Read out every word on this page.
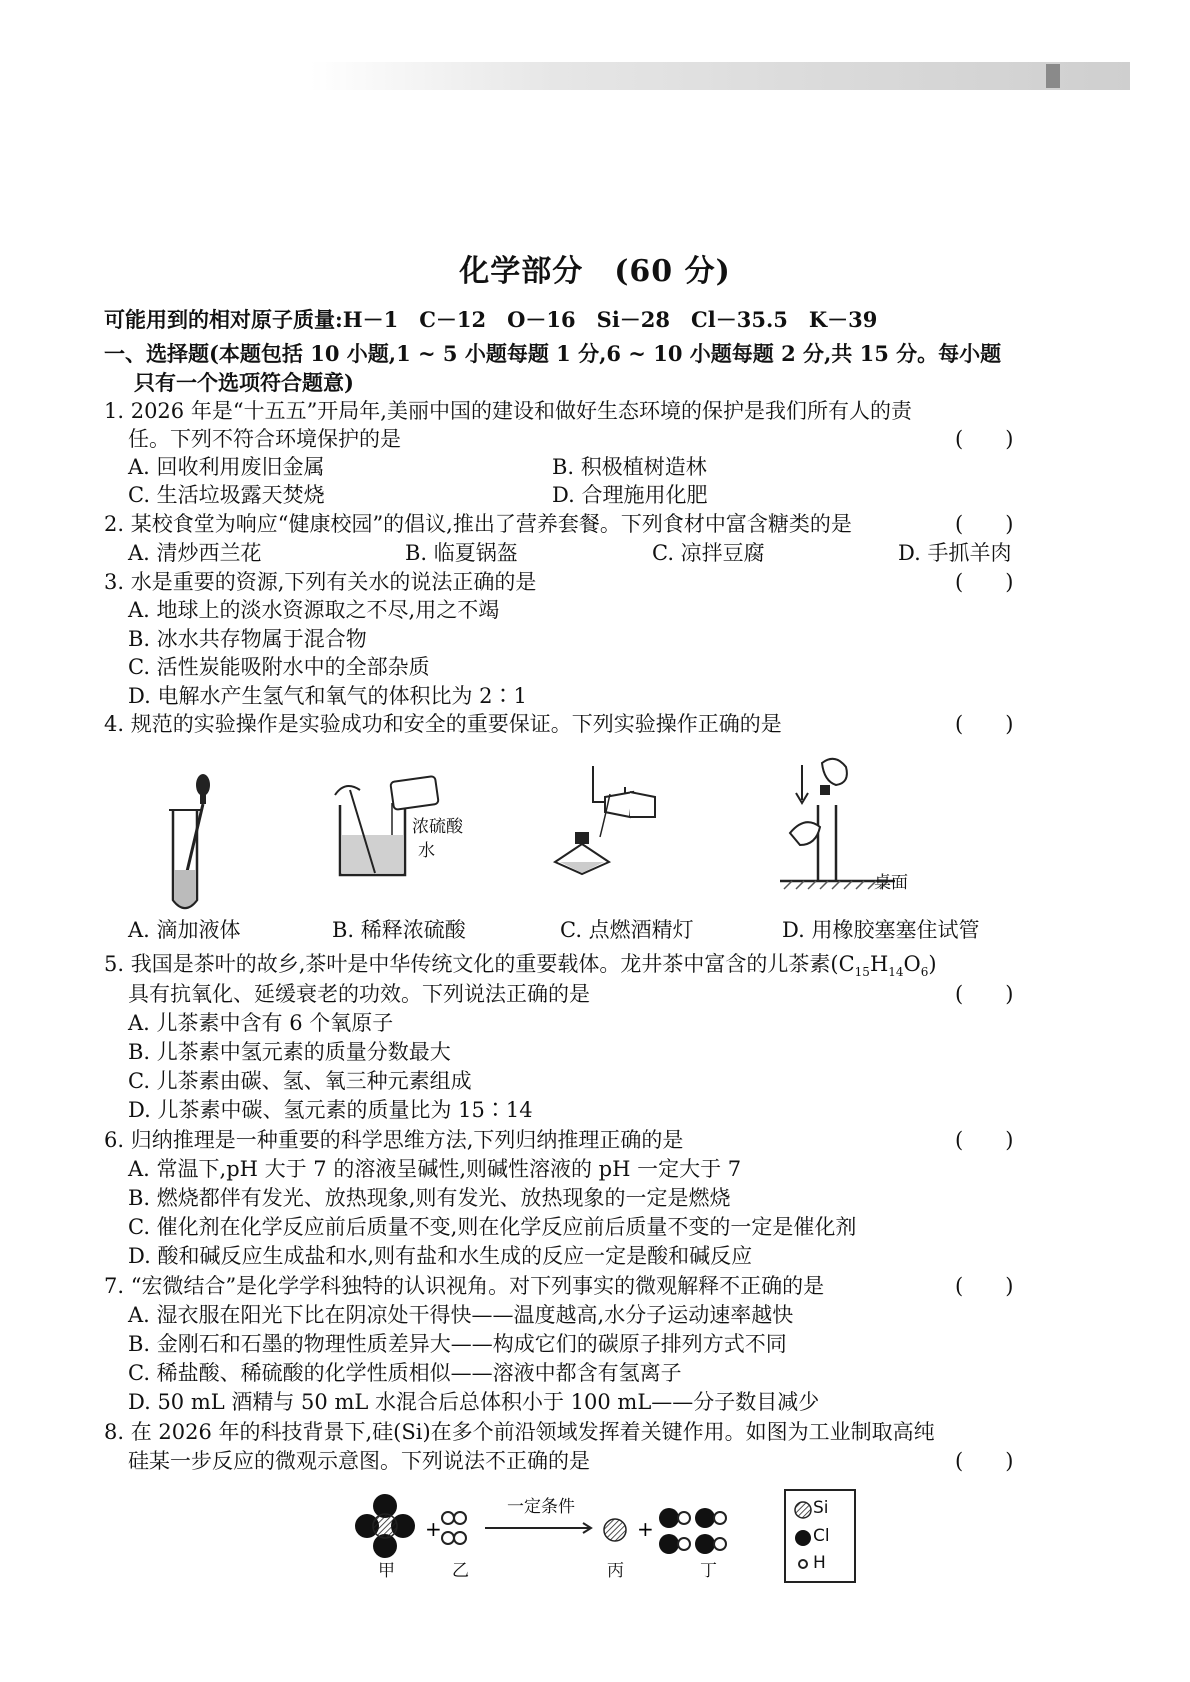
化学部分　(60 分)
可能用到的相对原子质量:H－1　C－12　O－16　Si－28　Cl－35.5　K－39
一、选择题(本题包括 10 小题,1 ~ 5 小题每题 1 分,6 ~ 10 小题每题 2 分,共 15 分。每小题
只有一个选项符合题意)
1. 2026 年是“十五五”开局年,美丽中国的建设和做好生态环境的保护是我们所有人的责
任。下列不符合环境保护的是	(　　)
A. 回收利用废旧金属	B. 积极植树造林
C. 生活垃圾露天焚烧	D. 合理施用化肥
2. 某校食堂为响应“健康校园”的倡议,推出了营养套餐。下列食材中富含糖类的是	(　　)
A. 清炒西兰花	B. 临夏锅盔	C. 凉拌豆腐	D. 手抓羊肉
3. 水是重要的资源,下列有关水的说法正确的是	(　　)
A. 地球上的淡水资源取之不尽,用之不竭
B. 冰水共存物属于混合物
C. 活性炭能吸附水中的全部杂质
D. 电解水产生氢气和氧气的体积比为 2∶1
4. 规范的实验操作是实验成功和安全的重要保证。下列实验操作正确的是	(　　)
浓硫酸
水
桌面
A. 滴加液体	B. 稀释浓硫酸	C. 点燃酒精灯	D. 用橡胶塞塞住试管
5. 我国是茶叶的故乡,茶叶是中华传统文化的重要载体。龙井茶中富含的儿茶素$(C_{15}H_{14}O_6)$
具有抗氧化、延缓衰老的功效。下列说法正确的是	(　　)
A. 儿茶素中含有 6 个氧原子
B. 儿茶素中氢元素的质量分数最大
C. 儿茶素由碳、氢、氧三种元素组成
D. 儿茶素中碳、氢元素的质量比为 15∶14
6. 归纳推理是一种重要的科学思维方法,下列归纳推理正确的是	(　　)
A. 常温下,pH 大于 7 的溶液呈碱性,则碱性溶液的 pH 一定大于 7
B. 燃烧都伴有发光、放热现象,则有发光、放热现象的一定是燃烧
C. 催化剂在化学反应前后质量不变,则在化学反应前后质量不变的一定是催化剂
D. 酸和碱反应生成盐和水,则有盐和水生成的反应一定是酸和碱反应
7. “宏微结合”是化学学科独特的认识视角。对下列事实的微观解释不正确的是	(　　)
A. 湿衣服在阳光下比在阴凉处干得快——温度越高,水分子运动速率越快
B. 金刚石和石墨的物理性质差异大——构成它们的碳原子排列方式不同
C. 稀盐酸、稀硫酸的化学性质相似——溶液中都含有氢离子
D. 50 mL 酒精与 50 mL 水混合后总体积小于 100 mL——分子数目减少
8. 在 2026 年的科技背景下,硅(Si)在多个前沿领域发挥着关键作用。如图为工业制取高纯
硅某一步反应的微观示意图。下列说法不正确的是	(　　)
+	+
一定条件
甲	乙	丙	丁
Si
Cl
H
